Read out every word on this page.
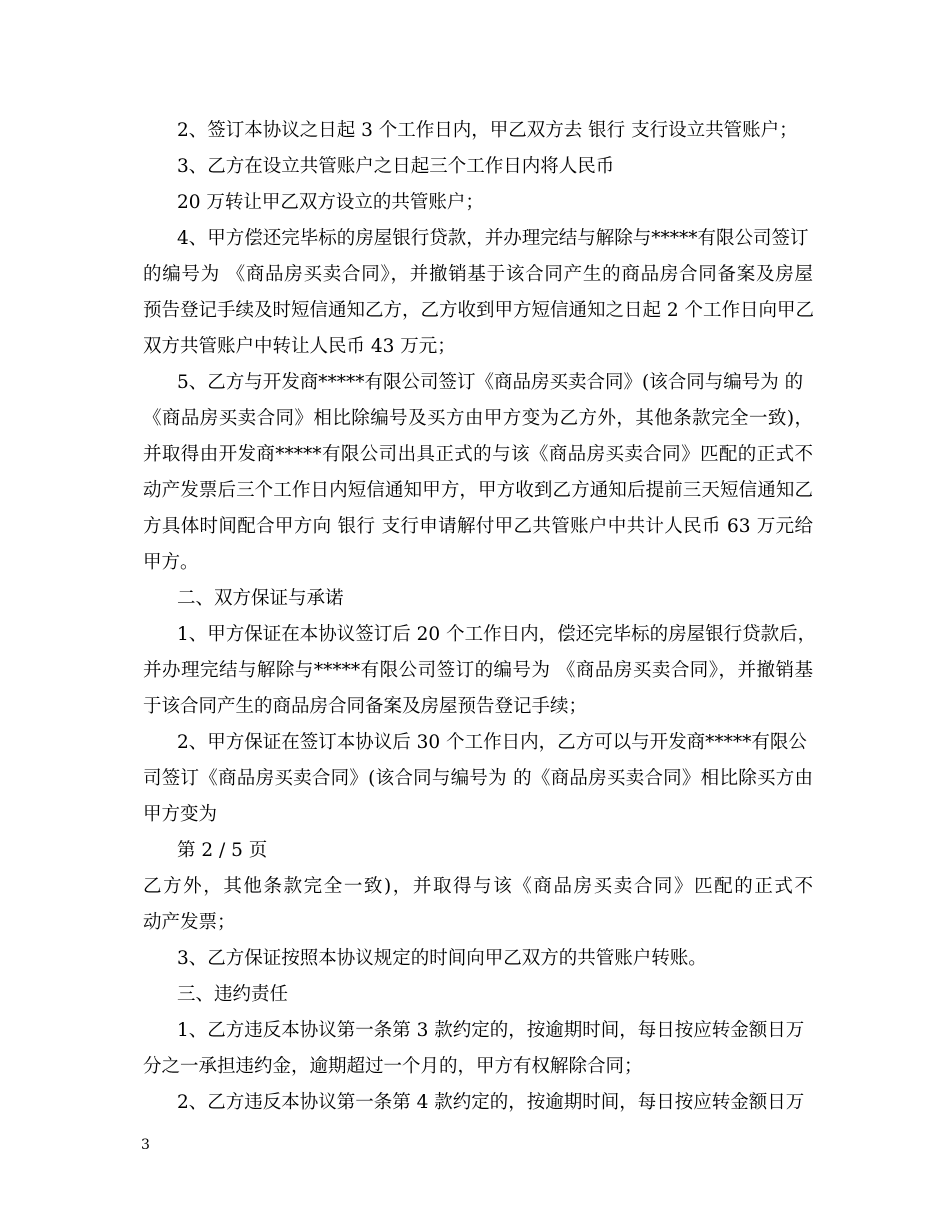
2、签订本协议之日起 3 个工作日内，甲乙双方去 银行 支行设立共管账户；
3、乙方在设立共管账户之日起三个工作日内将人民币
20 万转让甲乙双方设立的共管账户；
4、甲方偿还完毕标的房屋银行贷款，并办理完结与解除与*****有限公司签订
的编号为 《商品房买卖合同》，并撤销基于该合同产生的商品房合同备案及房屋
预告登记手续及时短信通知乙方，乙方收到甲方短信通知之日起 2 个工作日向甲乙
双方共管账户中转让人民币 43 万元；
5、乙方与开发商*****有限公司签订《商品房买卖合同》(该合同与编号为 的
《商品房买卖合同》相比除编号及买方由甲方变为乙方外，其他条款完全一致)，
并取得由开发商*****有限公司出具正式的与该《商品房买卖合同》匹配的正式不
动产发票后三个工作日内短信通知甲方，甲方收到乙方通知后提前三天短信通知乙
方具体时间配合甲方向 银行 支行申请解付甲乙共管账户中共计人民币 63 万元给
甲方。
二、双方保证与承诺
1、甲方保证在本协议签订后 20 个工作日内，偿还完毕标的房屋银行贷款后，
并办理完结与解除与*****有限公司签订的编号为 《商品房买卖合同》，并撤销基
于该合同产生的商品房合同备案及房屋预告登记手续；
2、甲方保证在签订本协议后 30 个工作日内，乙方可以与开发商*****有限公
司签订《商品房买卖合同》(该合同与编号为 的《商品房买卖合同》相比除买方由
甲方变为
第 2 / 5 页
乙方外，其他条款完全一致)，并取得与该《商品房买卖合同》匹配的正式不
动产发票；
3、乙方保证按照本协议规定的时间向甲乙双方的共管账户转账。
三、违约责任
1、乙方违反本协议第一条第 3 款约定的，按逾期时间，每日按应转金额日万
分之一承担违约金，逾期超过一个月的，甲方有权解除合同；
2、乙方违反本协议第一条第 4 款约定的，按逾期时间，每日按应转金额日万
3
